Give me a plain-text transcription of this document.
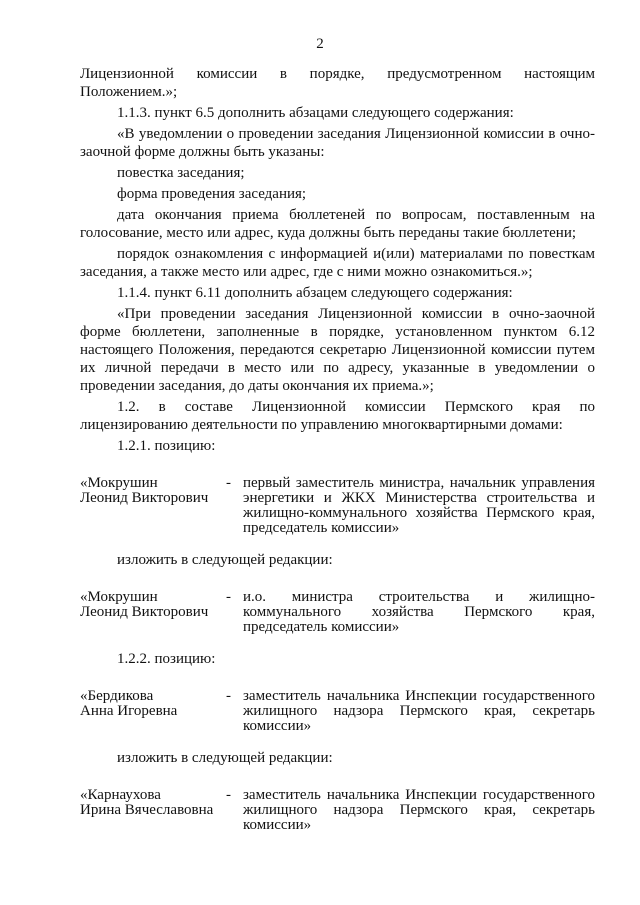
2

Лицензионной комиссии в порядке, предусмотренном настоящим Положением.»;

1.1.3. пункт 6.5 дополнить абзацами следующего содержания:

«В уведомлении о проведении заседания Лицензионной комиссии в очно-заочной форме должны быть указаны:

повестка заседания;

форма проведения заседания;

дата окончания приема бюллетеней по вопросам, поставленным на голосование, место или адрес, куда должны быть переданы такие бюллетени;

порядок ознакомления с информацией и(или) материалами по повесткам заседания, а также место или адрес, где с ними можно ознакомиться.»;

1.1.4. пункт 6.11 дополнить абзацем следующего содержания:

«При проведении заседания Лицензионной комиссии в очно-заочной форме бюллетени, заполненные в порядке, установленном пунктом 6.12 настоящего Положения, передаются секретарю Лицензионной комиссии путем их личной передачи в место или по адресу, указанные в уведомлении о проведении заседания, до даты окончания их приема.»;

1.2. в составе Лицензионной комиссии Пермского края по лицензированию деятельности по управлению многоквартирными домами:

1.2.1. позицию:

«Мокрушин
Леонид Викторович
- первый заместитель министра, начальник управления энергетики и ЖКХ Министерства строительства и жилищно-коммунального хозяйства Пермского края, председатель комиссии»

изложить в следующей редакции:

«Мокрушин
Леонид Викторович
- и.о. министра строительства и жилищно-коммунального хозяйства Пермского края, председатель комиссии»

1.2.2. позицию:

«Бердикова
Анна Игоревна
- заместитель начальника Инспекции государственного жилищного надзора Пермского края, секретарь комиссии»

изложить в следующей редакции:

«Карнаухова
Ирина Вячеславовна
- заместитель начальника Инспекции государственного жилищного надзора Пермского края, секретарь комиссии»
